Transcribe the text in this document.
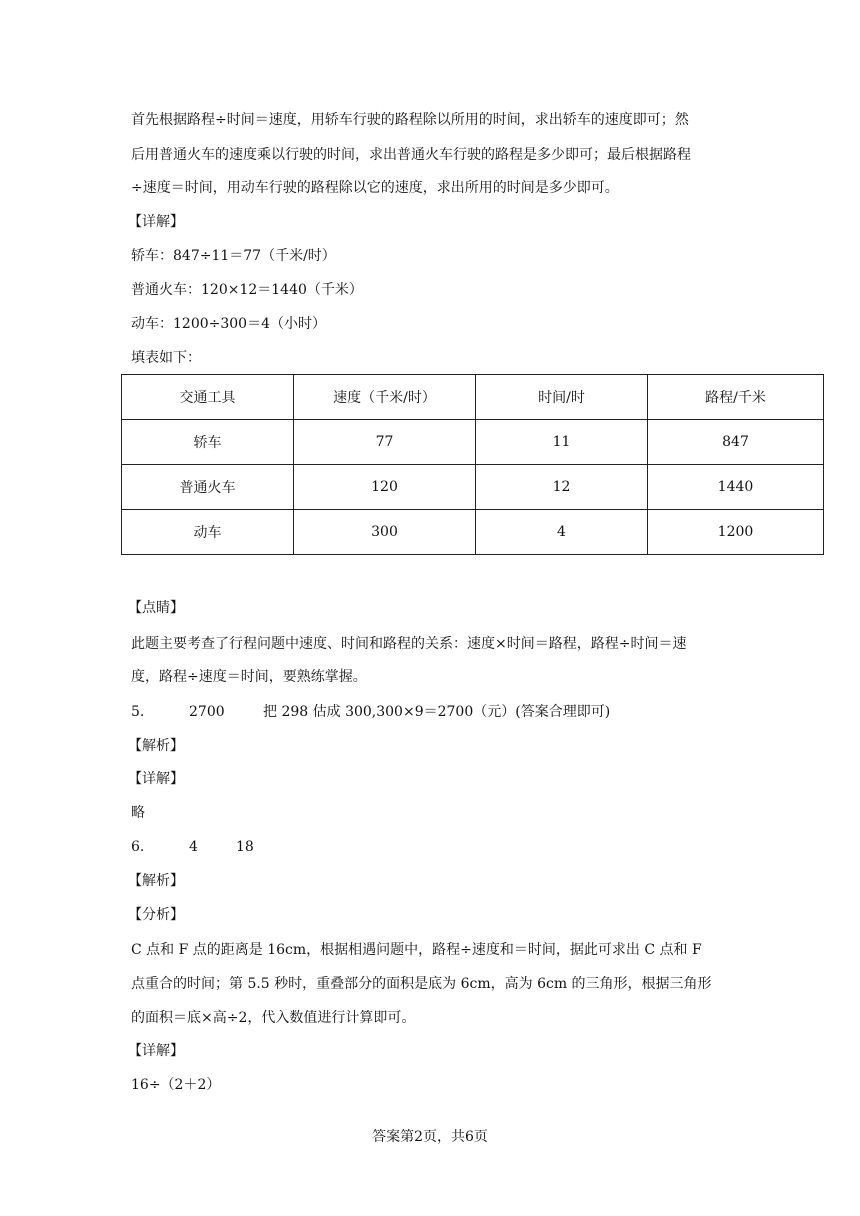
首先根据路程÷时间＝速度，用轿车行驶的路程除以所用的时间，求出轿车的速度即可；然
后用普通火车的速度乘以行驶的时间，求出普通火车行驶的路程是多少即可；最后根据路程
÷速度＝时间，用动车行驶的路程除以它的速度，求出所用的时间是多少即可。
【详解】
轿车：847÷11＝77（千米/时）
普通火车：120×12＝1440（千米）
动车：1200÷300＝4（小时）
填表如下：
交通工具	速度（千米/时）	时间/时	路程/千米
轿车	77	11	847
普通火车	120	12	1440
动车	300	4	1200
【点睛】
此题主要考查了行程问题中速度、时间和路程的关系：速度×时间＝路程，路程÷时间＝速
度，路程÷速度＝时间，要熟练掌握。
5.	2700	把 298 估成 300,300×9＝2700（元）(答案合理即可)
【解析】
【详解】
略
6.	4	18
【解析】
【分析】
C 点和 F 点的距离是 16cm，根据相遇问题中，路程÷速度和＝时间，据此可求出 C 点和 F
点重合的时间；第 5.5 秒时，重叠部分的面积是底为 6cm，高为 6cm 的三角形，根据三角形
的面积＝底×高÷2，代入数值进行计算即可。
【详解】
16÷（2＋2）
答案第2页，共6页
